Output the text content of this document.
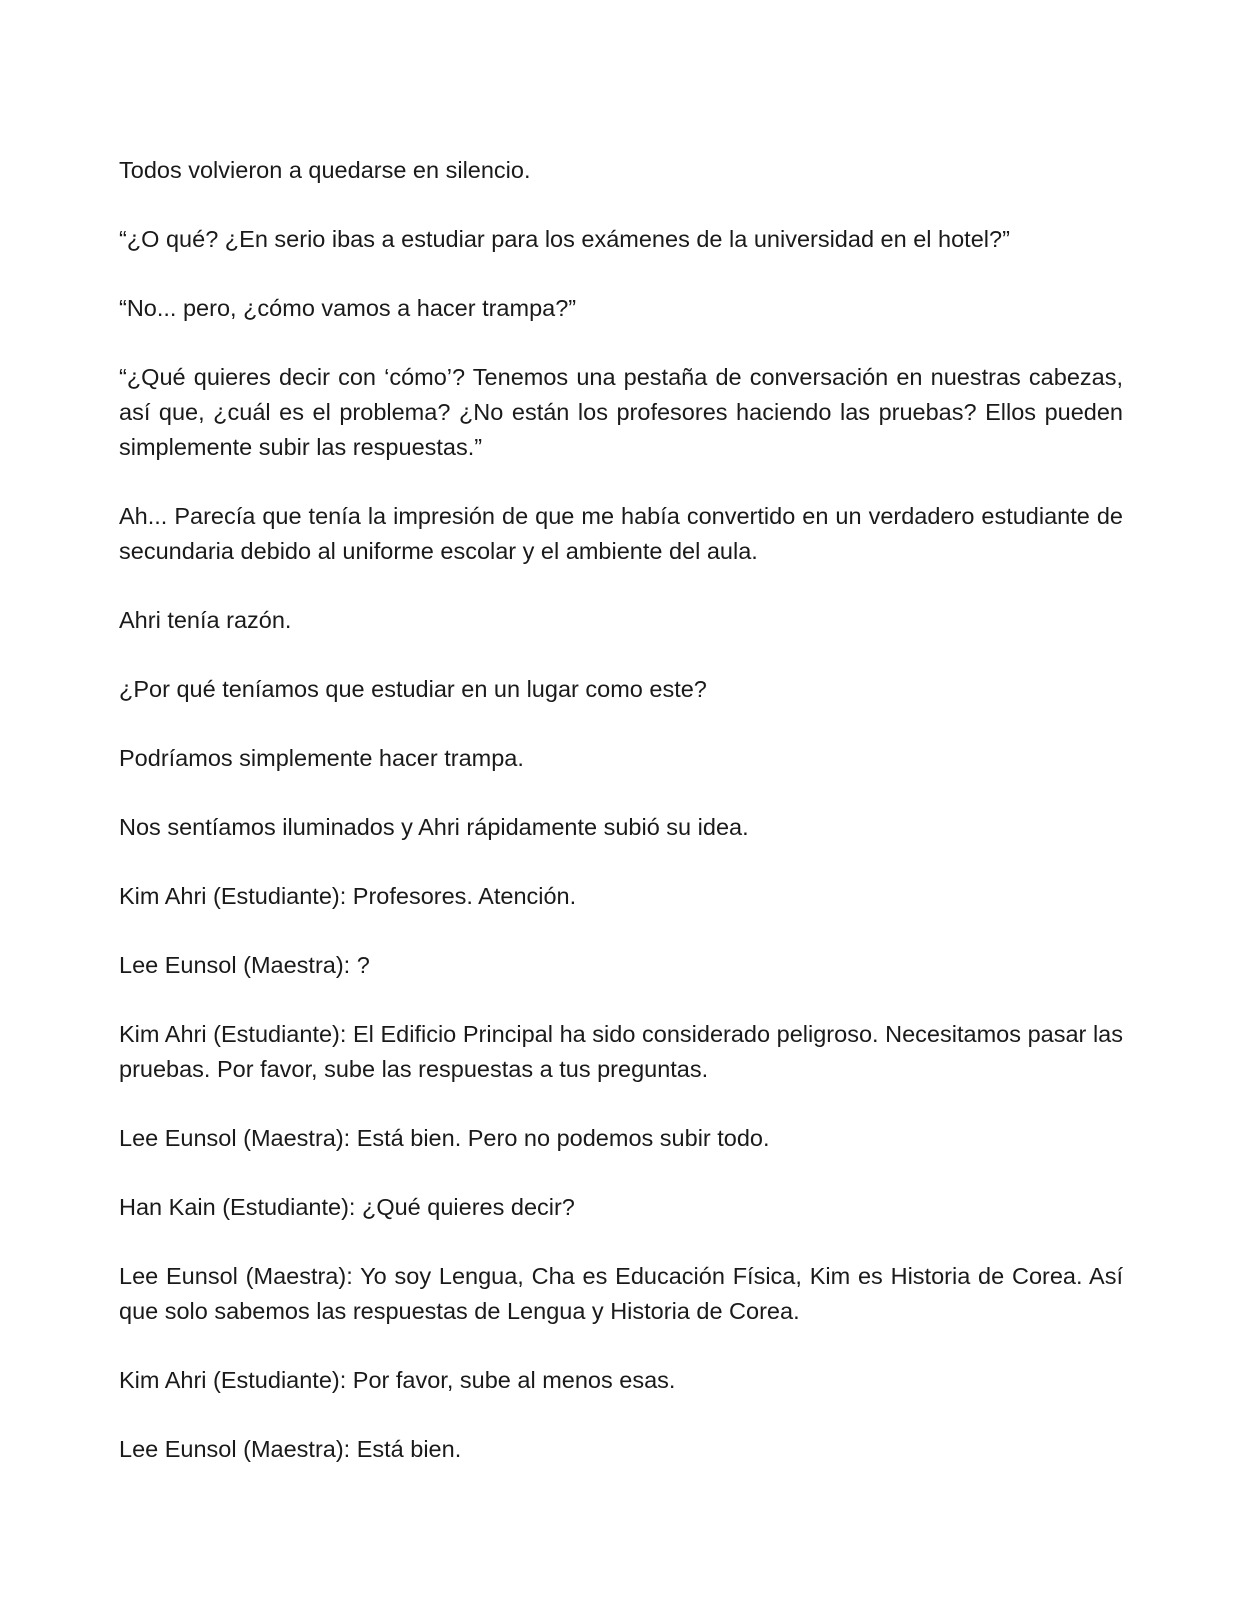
Todos volvieron a quedarse en silencio.

“¿O qué? ¿En serio ibas a estudiar para los exámenes de la universidad en el hotel?”

“No... pero, ¿cómo vamos a hacer trampa?”

“¿Qué quieres decir con ‘cómo’? Tenemos una pestaña de conversación en nuestras cabezas, así que, ¿cuál es el problema? ¿No están los profesores haciendo las pruebas? Ellos pueden simplemente subir las respuestas.”

Ah... Parecía que tenía la impresión de que me había convertido en un verdadero estudiante de secundaria debido al uniforme escolar y el ambiente del aula.

Ahri tenía razón.

¿Por qué teníamos que estudiar en un lugar como este?

Podríamos simplemente hacer trampa.

Nos sentíamos iluminados y Ahri rápidamente subió su idea.

Kim Ahri (Estudiante): Profesores. Atención.

Lee Eunsol (Maestra): ?

Kim Ahri (Estudiante): El Edificio Principal ha sido considerado peligroso. Necesitamos pasar las pruebas. Por favor, sube las respuestas a tus preguntas.

Lee Eunsol (Maestra): Está bien. Pero no podemos subir todo.

Han Kain (Estudiante): ¿Qué quieres decir?

Lee Eunsol (Maestra): Yo soy Lengua, Cha es Educación Física, Kim es Historia de Corea. Así que solo sabemos las respuestas de Lengua y Historia de Corea.

Kim Ahri (Estudiante): Por favor, sube al menos esas.

Lee Eunsol (Maestra): Está bien.
